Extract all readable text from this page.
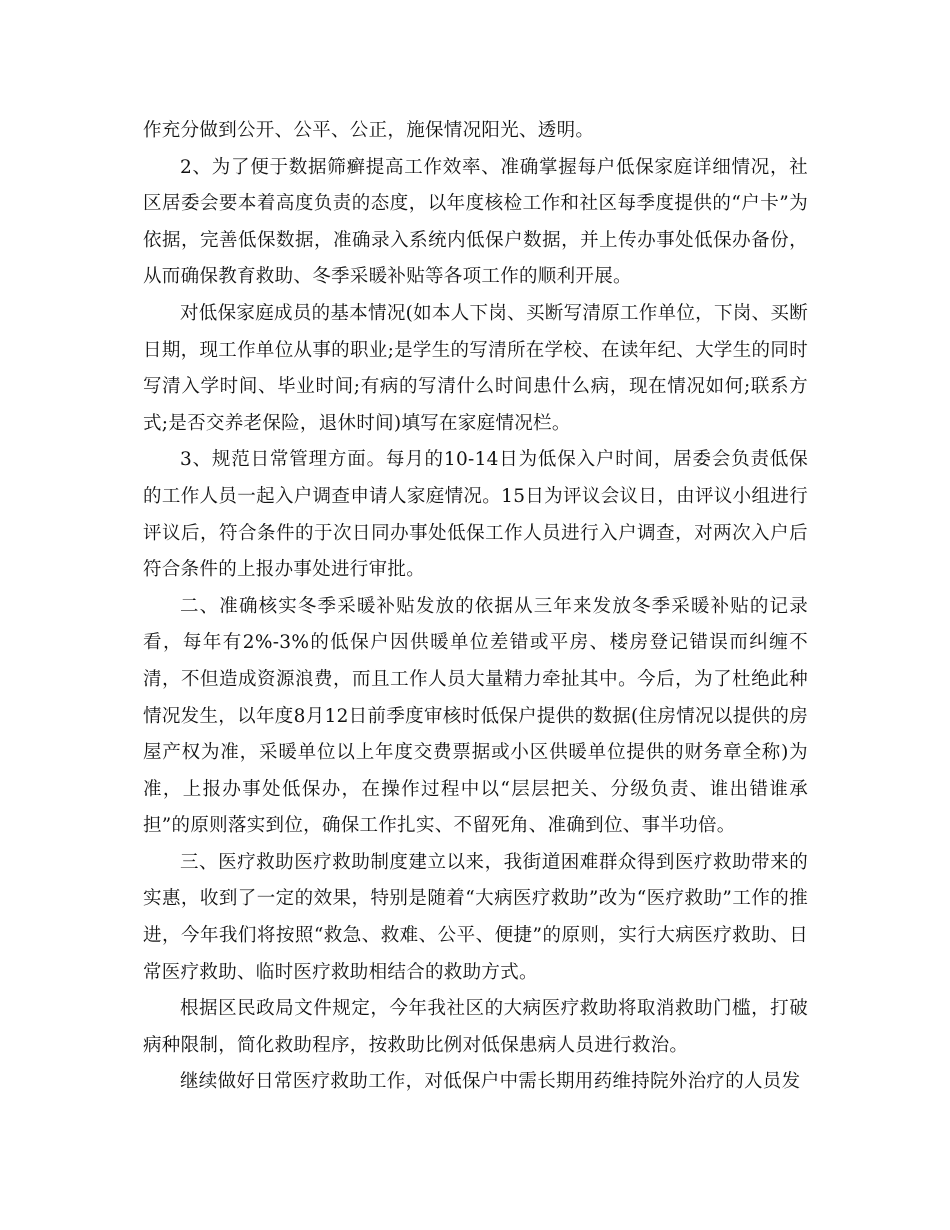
作充分做到公开、公平、公正，施保情况阳光、透明。

2、为了便于数据筛癣提高工作效率、准确掌握每户低保家庭详细情况，社区居委会要本着高度负责的态度，以年度核检工作和社区每季度提供的“户卡”为依据，完善低保数据，准确录入系统内低保户数据，并上传办事处低保办备份，从而确保教育救助、冬季采暖补贴等各项工作的顺利开展。

对低保家庭成员的基本情况(如本人下岗、买断写清原工作单位，下岗、买断日期，现工作单位从事的职业;是学生的写清所在学校、在读年纪、大学生的同时写清入学时间、毕业时间;有病的写清什么时间患什么病，现在情况如何;联系方式;是否交养老保险，退休时间)填写在家庭情况栏。

3、规范日常管理方面。每月的10-14日为低保入户时间，居委会负责低保的工作人员一起入户调查申请人家庭情况。15日为评议会议日，由评议小组进行评议后，符合条件的于次日同办事处低保工作人员进行入户调查，对两次入户后符合条件的上报办事处进行审批。

二、准确核实冬季采暖补贴发放的依据从三年来发放冬季采暖补贴的记录看，每年有2%-3%的低保户因供暖单位差错或平房、楼房登记错误而纠缠不清，不但造成资源浪费，而且工作人员大量精力牵扯其中。今后，为了杜绝此种情况发生，以年度8月12日前季度审核时低保户提供的数据(住房情况以提供的房屋产权为准，采暖单位以上年度交费票据或小区供暖单位提供的财务章全称)为准，上报办事处低保办，在操作过程中以“层层把关、分级负责、谁出错谁承担”的原则落实到位，确保工作扎实、不留死角、准确到位、事半功倍。

三、医疗救助医疗救助制度建立以来，我街道困难群众得到医疗救助带来的实惠，收到了一定的效果，特别是随着“大病医疗救助”改为“医疗救助”工作的推进，今年我们将按照“救急、救难、公平、便捷”的原则，实行大病医疗救助、日常医疗救助、临时医疗救助相结合的救助方式。

根据区民政局文件规定，今年我社区的大病医疗救助将取消救助门槛，打破病种限制，简化救助程序，按救助比例对低保患病人员进行救治。

继续做好日常医疗救助工作，对低保户中需长期用药维持院外治疗的人员发
